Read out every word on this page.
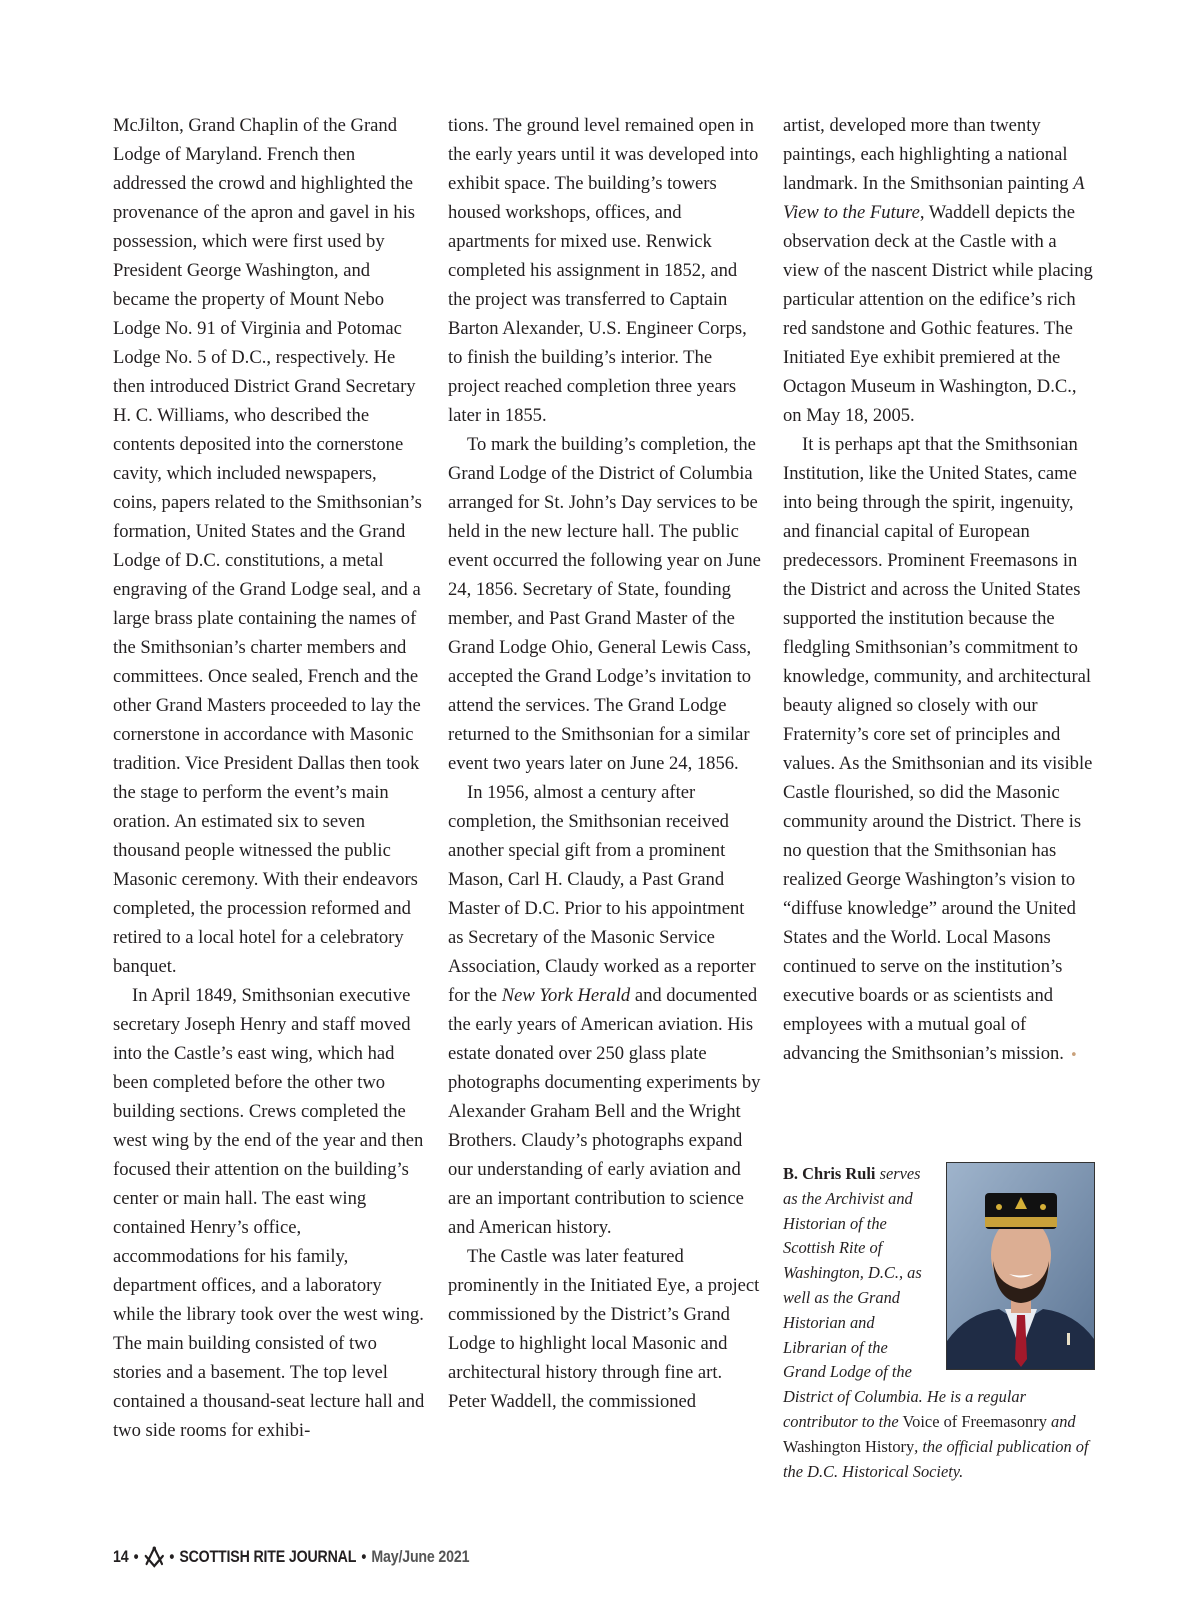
McJilton, Grand Chaplin of the Grand Lodge of Maryland. French then addressed the crowd and highlighted the provenance of the apron and gavel in his possession, which were first used by President George Washington, and became the property of Mount Nebo Lodge No. 91 of Virginia and Potomac Lodge No. 5 of D.C., respectively. He then introduced District Grand Secretary H. C. Williams, who described the contents deposited into the cornerstone cavity, which included newspapers, coins, papers related to the Smithsonian’s formation, United States and the Grand Lodge of D.C. constitutions, a metal engraving of the Grand Lodge seal, and a large brass plate containing the names of the Smithsonian’s charter members and committees. Once sealed, French and the other Grand Masters proceeded to lay the cornerstone in accordance with Masonic tradition. Vice President Dallas then took the stage to perform the event’s main oration. An estimated six to seven thousand people witnessed the public Masonic ceremony. With their endeavors completed, the procession reformed and retired to a local hotel for a celebratory banquet.

In April 1849, Smithsonian executive secretary Joseph Henry and staff moved into the Castle’s east wing, which had been completed before the other two building sections. Crews completed the west wing by the end of the year and then focused their attention on the building’s center or main hall. The east wing contained Henry’s office, accommodations for his family, department offices, and a laboratory while the library took over the west wing. The main building consisted of two stories and a basement. The top level contained a thousand-seat lecture hall and two side rooms for exhibi-

tions. The ground level remained open in the early years until it was developed into exhibit space. The building’s towers housed workshops, offices, and apartments for mixed use. Renwick completed his assignment in 1852, and the project was transferred to Captain Barton Alexander, U.S. Engineer Corps, to finish the building’s interior. The project reached completion three years later in 1855.

To mark the building’s completion, the Grand Lodge of the District of Columbia arranged for St. John’s Day services to be held in the new lecture hall. The public event occurred the following year on June 24, 1856. Secretary of State, founding member, and Past Grand Master of the Grand Lodge Ohio, General Lewis Cass, accepted the Grand Lodge’s invitation to attend the services. The Grand Lodge returned to the Smithsonian for a similar event two years later on June 24, 1856.

In 1956, almost a century after completion, the Smithsonian received another special gift from a prominent Mason, Carl H. Claudy, a Past Grand Master of D.C. Prior to his appointment as Secretary of the Masonic Service Association, Claudy worked as a reporter for the New York Herald and documented the early years of American aviation. His estate donated over 250 glass plate photographs documenting experiments by Alexander Graham Bell and the Wright Brothers. Claudy’s photographs expand our understanding of early aviation and are an important contribution to science and American history.

The Castle was later featured prominently in the Initiated Eye, a project commissioned by the District’s Grand Lodge to highlight local Masonic and architectural history through fine art. Peter Waddell, the commissioned

artist, developed more than twenty paintings, each highlighting a national landmark. In the Smithsonian painting A View to the Future, Waddell depicts the observation deck at the Castle with a view of the nascent District while placing particular attention on the edifice’s rich red sandstone and Gothic features. The Initiated Eye exhibit premiered at the Octagon Museum in Washington, D.C., on May 18, 2005.

It is perhaps apt that the Smithsonian Institution, like the United States, came into being through the spirit, ingenuity, and financial capital of European predecessors. Prominent Freemasons in the District and across the United States supported the institution because the fledgling Smithsonian’s commitment to knowledge, community, and architectural beauty aligned so closely with our Fraternity’s core set of principles and values. As the Smithsonian and its visible Castle flourished, so did the Masonic community around the District. There is no question that the Smithsonian has realized George Washington’s vision to “diffuse knowledge” around the United States and the World. Local Masons continued to serve on the institution’s executive boards or as scientists and employees with a mutual goal of advancing the Smithsonian’s mission. •

B. Chris Ruli serves as the Archivist and Historian of the Scottish Rite of Washington, D.C., as well as the Grand Historian and Librarian of the Grand Lodge of the District of Columbia. He is a regular contributor to the Voice of Freemasonry and Washington History, the official publication of the D.C. Historical Society.
14 • • SCOTTISH RITE JOURNAL • May/June 2021
